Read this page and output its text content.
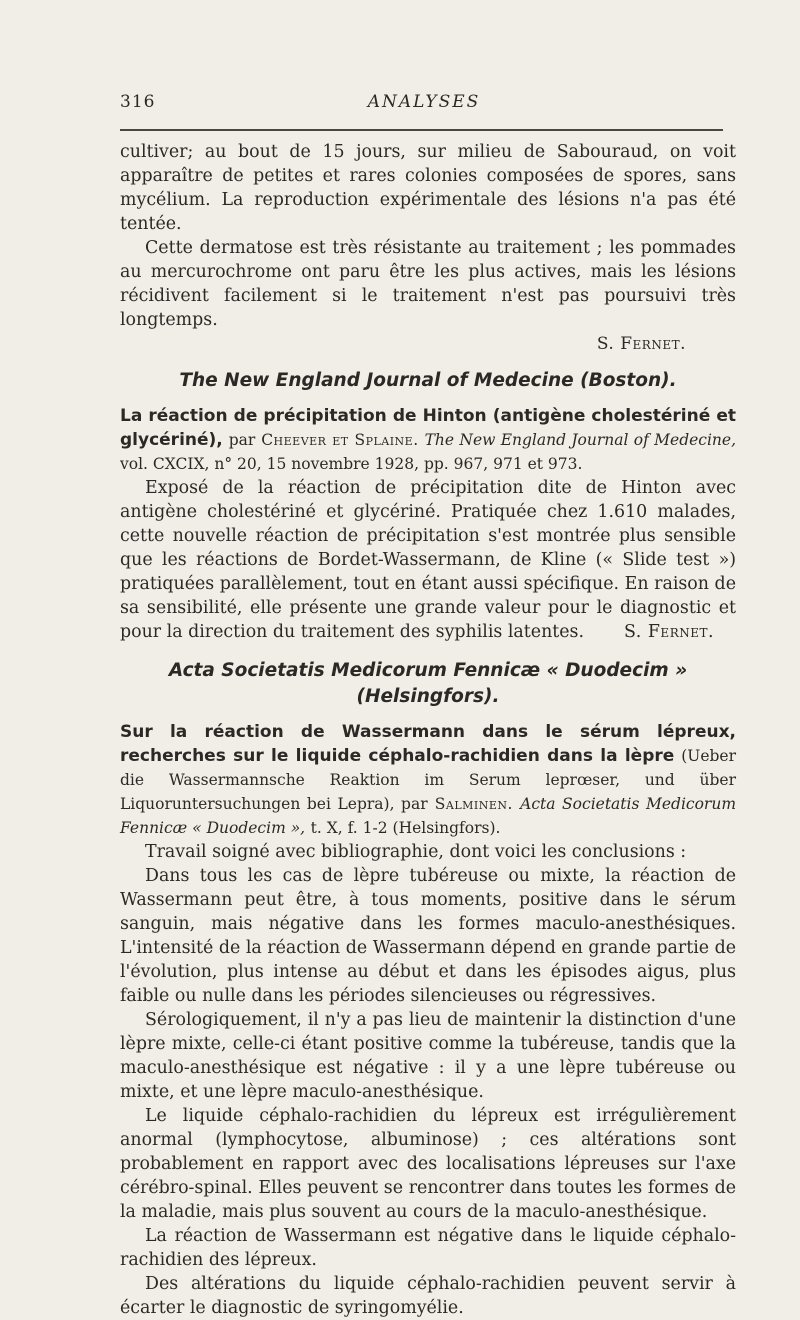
316	ANALYSES

cultiver; au bout de 15 jours, sur milieu de Sabouraud, on voit apparaître de petites et rares colonies composées de spores, sans mycélium. La reproduction expérimentale des lésions n'a pas été tentée.

Cette dermatose est très résistante au traitement ; les pommades au mercurochrome ont paru être les plus actives, mais les lésions récidivent facilement si le traitement n'est pas poursuivi très longtemps.

S. Fernet.

The New England Journal of Medecine (Boston).

La réaction de précipitation de Hinton (antigène cholestériné et glycériné), par Cheever et Splaine. The New England Journal of Medecine, vol. CXCIX, n° 20, 15 novembre 1928, pp. 967, 971 et 973.

Exposé de la réaction de précipitation dite de Hinton avec antigène cholestériné et glycériné. Pratiquée chez 1.610 malades, cette nouvelle réaction de précipitation s'est montrée plus sensible que les réactions de Bordet-Wassermann, de Kline (« Slide test ») pratiquées parallèlement, tout en étant aussi spécifique. En raison de sa sensibilité, elle présente une grande valeur pour le diagnostic et pour la direction du traitement des syphilis latentes. S. Fernet.

Acta Societatis Medicorum Fennicæ « Duodecim » (Helsingfors).

Sur la réaction de Wassermann dans le sérum lépreux, recherches sur le liquide céphalo-rachidien dans la lèpre (Ueber die Wassermannsche Reaktion im Serum leprœser, und über Liquoruntersuchungen bei Lepra), par Salminen. Acta Societatis Medicorum Fennicæ « Duodecim », t. X, f. 1-2 (Helsingfors).

Travail soigné avec bibliographie, dont voici les conclusions :

Dans tous les cas de lèpre tubéreuse ou mixte, la réaction de Wassermann peut être, à tous moments, positive dans le sérum sanguin, mais négative dans les formes maculo-anesthésiques. L'intensité de la réaction de Wassermann dépend en grande partie de l'évolution, plus intense au début et dans les épisodes aigus, plus faible ou nulle dans les périodes silencieuses ou régressives.

Sérologiquement, il n'y a pas lieu de maintenir la distinction d'une lèpre mixte, celle-ci étant positive comme la tubéreuse, tandis que la maculo-anesthésique est négative : il y a une lèpre tubéreuse ou mixte, et une lèpre maculo-anesthésique.

Le liquide céphalo-rachidien du lépreux est irrégulièrement anormal (lymphocytose, albuminose) ; ces altérations sont probablement en rapport avec des localisations lépreuses sur l'axe cérébro-spinal. Elles peuvent se rencontrer dans toutes les formes de la maladie, mais plus souvent au cours de la maculo-anesthésique.

La réaction de Wassermann est négative dans le liquide céphalo-rachidien des lépreux.

Des altérations du liquide céphalo-rachidien peuvent servir à écarter le diagnostic de syringomyélie.
